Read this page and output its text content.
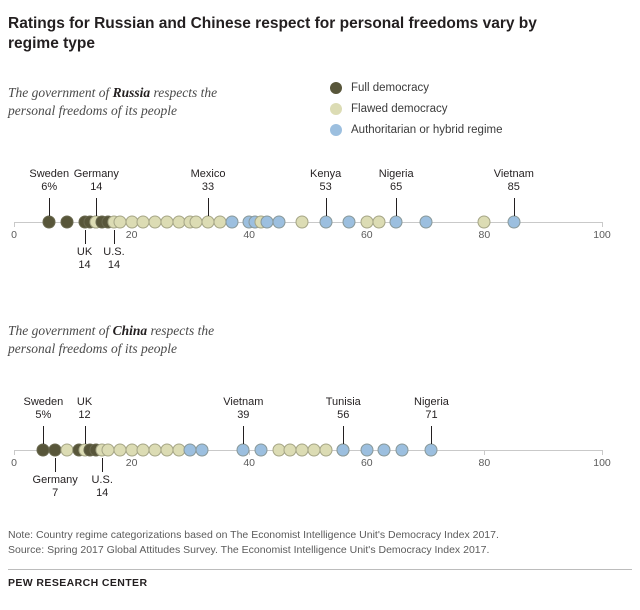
Ratings for Russian and Chinese respect for personal freedoms vary by regime type
Full democracy
Flawed democracy
Authoritarian or hybrid regime
The government of Russia respects the personal freedoms of its people
The government of China respects the personal freedoms of its people
0	20	40	60	80	100
Sweden
6%
Germany
14
Mexico
33
Kenya
53
Nigeria
65
Vietnam
85
UK
14
U.S.
14
0	20	40	60	80	100
Sweden
5%
UK
12
Vietnam
39
Tunisia
56
Nigeria
71
Germany
7
U.S.
14
Note: Country regime categorizations based on The Economist Intelligence Unit's Democracy Index 2017.
Source: Spring 2017 Global Attitudes Survey. The Economist Intelligence Unit's Democracy Index 2017.
PEW RESEARCH CENTER
